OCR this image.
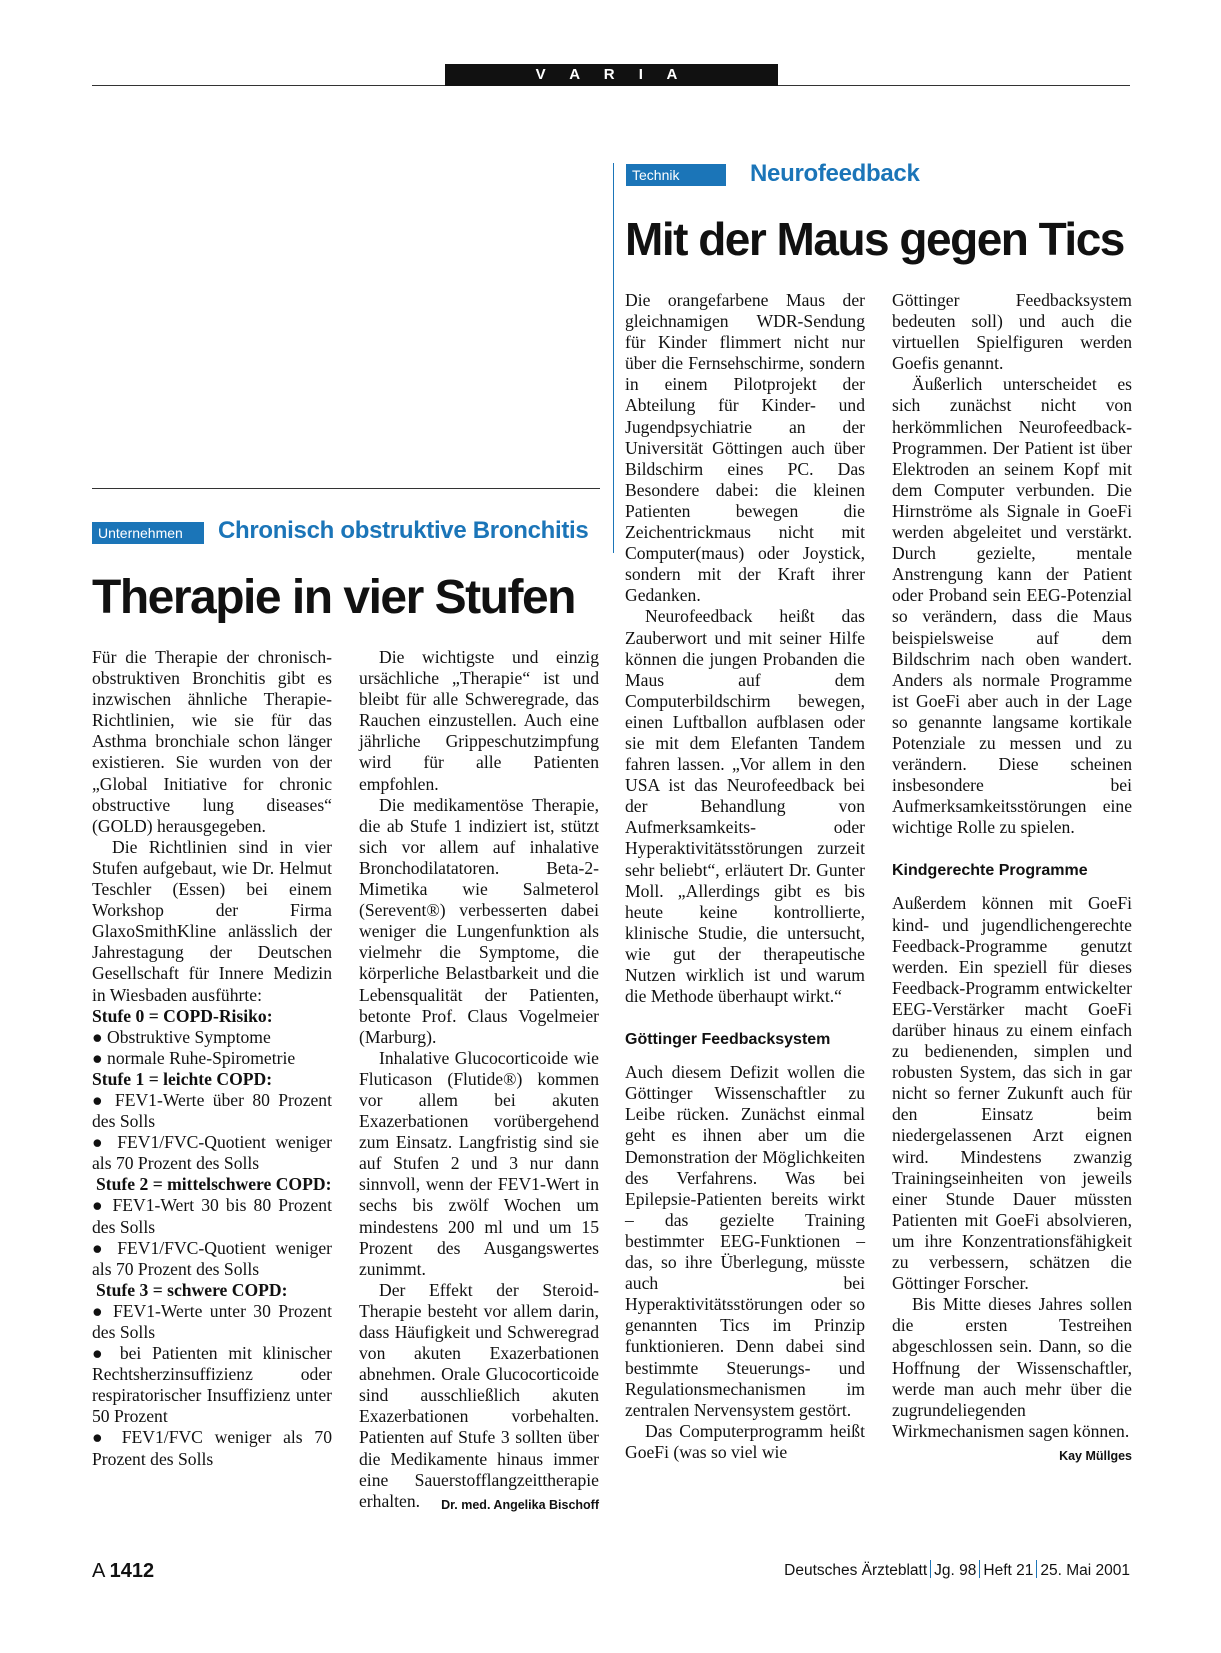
V A R I A
Technik	Neurofeedback
Mit der Maus gegen Tics

Die orangefarbene Maus der gleichnamigen WDR-Sendung für Kinder flimmert nicht nur über die Fernsehschirme, sondern in einem Pilotprojekt der Abteilung für Kinder- und Jugendpsychiatrie an der Universität Göttingen auch über Bildschirm eines PC. Das Besondere dabei: die kleinen Patienten bewegen die Zeichentrickmaus nicht mit Computer(maus) oder Joystick, sondern mit der Kraft ihrer Gedanken.

Neurofeedback heißt das Zauberwort und mit seiner Hilfe können die jungen Probanden die Maus auf dem Computerbildschirm bewegen, einen Luftballon aufblasen oder sie mit dem Elefanten Tandem fahren lassen. „Vor allem in den USA ist das Neurofeedback bei der Behandlung von Aufmerksamkeits- oder Hyperaktivitätsstörungen zurzeit sehr beliebt“, erläutert Dr. Gunter Moll. „Allerdings gibt es bis heute keine kontrollierte, klinische Studie, die untersucht, wie gut der therapeutische Nutzen wirklich ist und warum die Methode überhaupt wirkt.“

Göttinger Feedbacksystem

Auch diesem Defizit wollen die Göttinger Wissenschaftler zu Leibe rücken. Zunächst einmal geht es ihnen aber um die Demonstration der Möglichkeiten des Verfahrens. Was bei Epilepsie-Patienten bereits wirkt – das gezielte Training bestimmter EEG-Funktionen – das, so ihre Überlegung, müsste auch bei Hyperaktivitätsstörungen oder so genannten Tics im Prinzip funktionieren. Denn dabei sind bestimmte Steuerungs- und Regulationsmechanismen im zentralen Nervensystem gestört.

Das Computerprogramm heißt GoeFi (was so viel wie

Göttinger Feedbacksystem bedeuten soll) und auch die virtuellen Spielfiguren werden Goefis genannt.

Äußerlich unterscheidet es sich zunächst nicht von herkömmlichen Neurofeedback-Programmen. Der Patient ist über Elektroden an seinem Kopf mit dem Computer verbunden. Die Hirnströme als Signale in GoeFi werden abgeleitet und verstärkt. Durch gezielte, mentale Anstrengung kann der Patient oder Proband sein EEG-Potenzial so verändern, dass die Maus beispielsweise auf dem Bildschrim nach oben wandert. Anders als normale Programme ist GoeFi aber auch in der Lage so genannte langsame kortikale Potenziale zu messen und zu verändern. Diese scheinen insbesondere bei Aufmerksamkeitsstörungen eine wichtige Rolle zu spielen.

Kindgerechte Programme

Außerdem können mit GoeFi kind- und jugendlichengerechte Feedback-Programme genutzt werden. Ein speziell für dieses Feedback-Programm entwickelter EEG-Verstärker macht GoeFi darüber hinaus zu einem einfach zu bedienenden, simplen und robusten System, das sich in gar nicht so ferner Zukunft auch für den Einsatz beim niedergelassenen Arzt eignen wird. Mindestens zwanzig Trainingseinheiten von jeweils einer Stunde Dauer müssten Patienten mit GoeFi absolvieren, um ihre Konzentrationsfähigkeit zu verbessern, schätzen die Göttinger Forscher.

Bis Mitte dieses Jahres sollen die ersten Testreihen abgeschlossen sein. Dann, so die Hoffnung der Wissenschaftler, werde man auch mehr über die zugrundeliegenden Wirkmechanismen sagen können.
Kay Müllges

Unternehmen	Chronisch obstruktive Bronchitis
Therapie in vier Stufen

Für die Therapie der chronisch-obstruktiven Bronchitis gibt es inzwischen ähnliche Therapie-Richtlinien, wie sie für das Asthma bronchiale schon länger existieren. Sie wurden von der „Global Initiative for chronic obstructive lung diseases“ (GOLD) herausgegeben.

Die Richtlinien sind in vier Stufen aufgebaut, wie Dr. Helmut Teschler (Essen) bei einem Workshop der Firma GlaxoSmithKline anlässlich der Jahrestagung der Deutschen Gesellschaft für Innere Medizin in Wiesbaden ausführte:

Stufe 0 = COPD-Risiko:

● Obstruktive Symptome

● normale Ruhe-Spirometrie

Stufe 1 = leichte COPD:

● FEV1-Werte über 80 Prozent des Solls

● FEV1/FVC-Quotient weniger als 70 Prozent des Solls

Stufe 2 = mittelschwere COPD:

● FEV1-Wert 30 bis 80 Prozent des Solls

● FEV1/FVC-Quotient weniger als 70 Prozent des Solls

Stufe 3 = schwere COPD:

● FEV1-Werte unter 30 Prozent des Solls

● bei Patienten mit klinischer Rechtsherzinsuffizienz oder respiratorischer Insuffizienz unter 50 Prozent

● FEV1/FVC weniger als 70 Prozent des Solls

Die wichtigste und einzig ursächliche „Therapie“ ist und bleibt für alle Schweregrade, das Rauchen einzustellen. Auch eine jährliche Grippeschutzimpfung wird für alle Patienten empfohlen.

Die medikamentöse Therapie, die ab Stufe 1 indiziert ist, stützt sich vor allem auf inhalative Bronchodilatatoren. Beta-2-Mimetika wie Salmeterol (Serevent®) verbesserten dabei weniger die Lungenfunktion als vielmehr die Symptome, die körperliche Belastbarkeit und die Lebensqualität der Patienten, betonte Prof. Claus Vogelmeier (Marburg).

Inhalative Glucocorticoide wie Fluticason (Flutide®) kommen vor allem bei akuten Exazerbationen vorübergehend zum Einsatz. Langfristig sind sie auf Stufen 2 und 3 nur dann sinnvoll, wenn der FEV1-Wert in sechs bis zwölf Wochen um mindestens 200 ml und um 15 Prozent des Ausgangswertes zunimmt.

Der Effekt der Steroid-Therapie besteht vor allem darin, dass Häufigkeit und Schweregrad von akuten Exazerbationen abnehmen. Orale Glucocorticoide sind ausschließlich akuten Exazerbationen vorbehalten. Patienten auf Stufe 3 sollten über die Medikamente hinaus immer eine Sauerstofflangzeittherapie erhalten.	Dr. med. Angelika Bischoff

A 1412	Deutsches Ärzteblatt Jg. 98 Heft 21 25. Mai 2001
